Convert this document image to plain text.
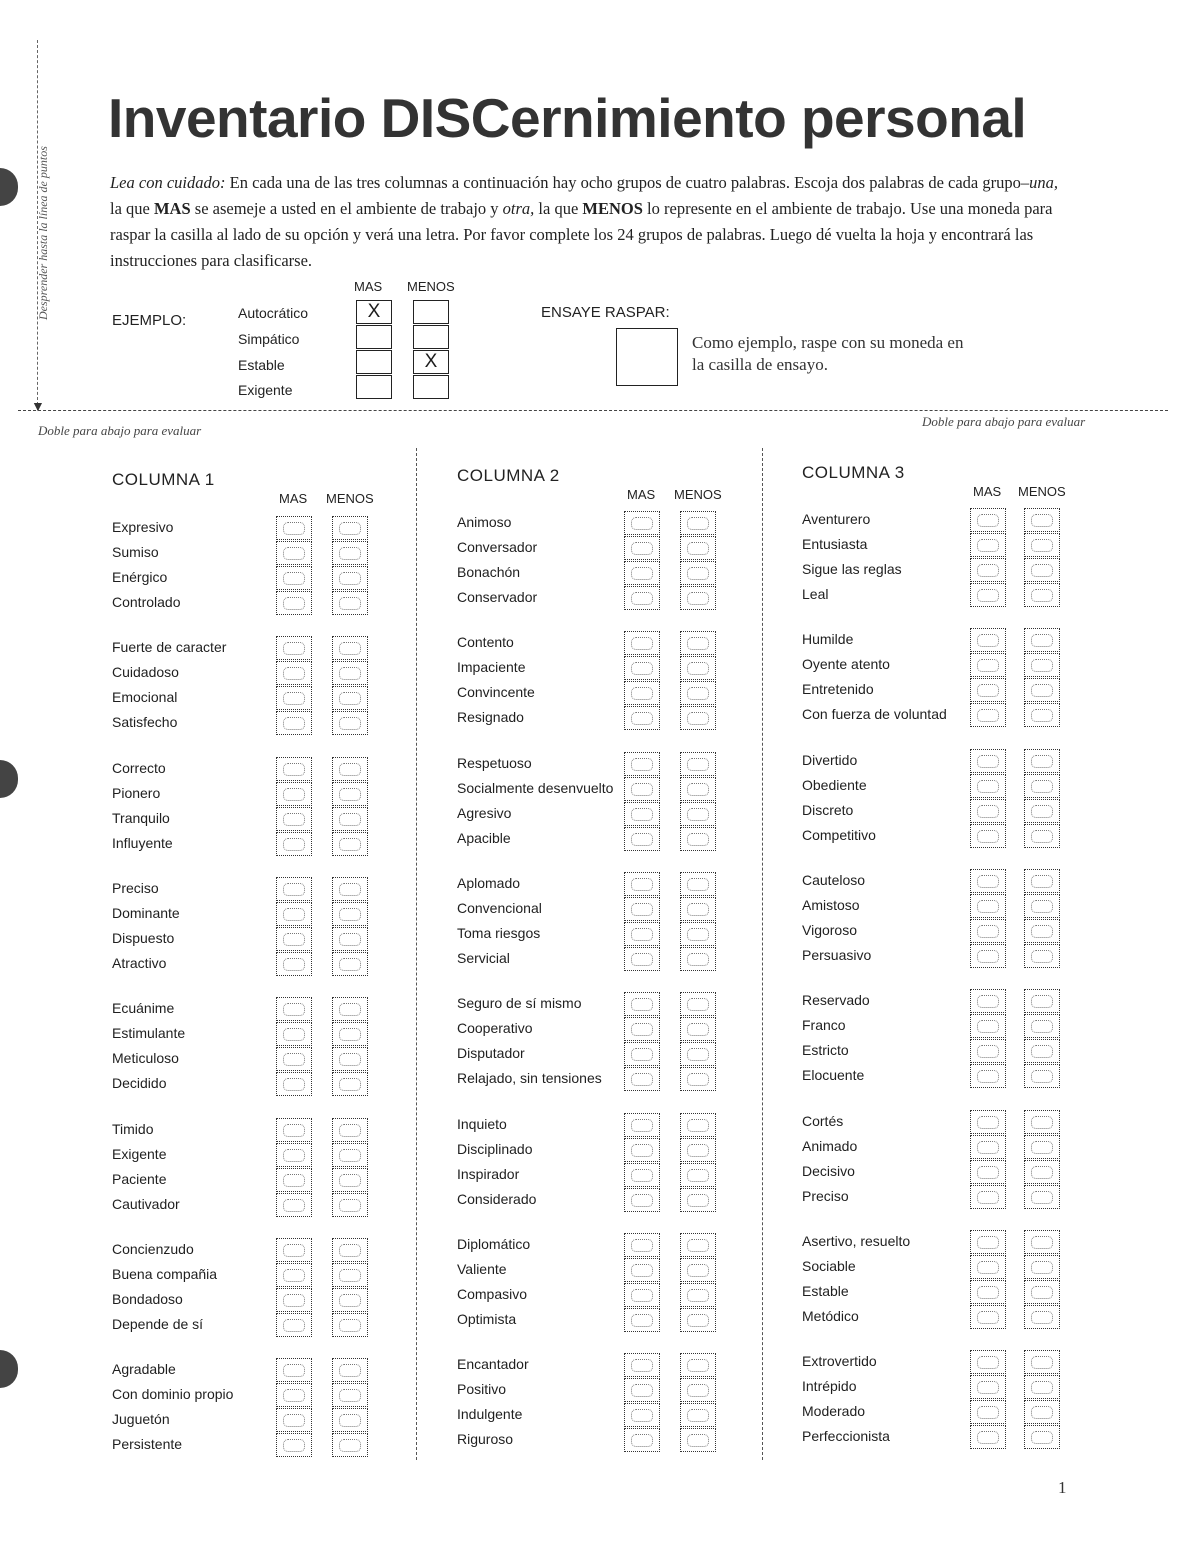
Desprender hasta la línea de puntos
▼
Inventario DISCernimiento personal
Lea con cuidado: En cada una de las tres columnas a continuación hay ocho grupos de cuatro palabras. Escoja dos palabras de cada grupo–una, la que MAS se asemeje a usted en el ambiente de trabajo y otra, la que MENOS lo represente en el ambiente de trabajo. Use una moneda para raspar la casilla al lado de su opción y verá una letra. Por favor complete los 24 grupos de palabras. Luego dé vuelta la hoja y encontrará las instrucciones para clasificarse.
EJEMPLO:
MAS MENOS
Autocrático
Simpático
Estable
Exigente
X
X
ENSAYE RASPAR:
Como ejemplo, raspe con su moneda en la casilla de ensayo.
Doble para abajo para evaluar
Doble para abajo para evaluar
COLUMNA 1
MAS MENOS
Expresivo
Sumiso
Enérgico
Controlado
Fuerte de caracter
Cuidadoso
Emocional
Satisfecho
Correcto
Pionero
Tranquilo
Influyente
Preciso
Dominante
Dispuesto
Atractivo
Ecuánime
Estimulante
Meticuloso
Decidido
Timido
Exigente
Paciente
Cautivador
Concienzudo
Buena compañia
Bondadoso
Depende de sí
Agradable
Con dominio propio
Juguetón
Persistente
COLUMNA 2
MAS MENOS
Animoso
Conversador
Bonachón
Conservador
Contento
Impaciente
Convincente
Resignado
Respetuoso
Socialmente desenvuelto
Agresivo
Apacible
Aplomado
Convencional
Toma riesgos
Servicial
Seguro de sí mismo
Cooperativo
Disputador
Relajado, sin tensiones
Inquieto
Disciplinado
Inspirador
Considerado
Diplomático
Valiente
Compasivo
Optimista
Encantador
Positivo
Indulgente
Riguroso
COLUMNA 3
MAS MENOS
Aventurero
Entusiasta
Sigue las reglas
Leal
Humilde
Oyente atento
Entretenido
Con fuerza de voluntad
Divertido
Obediente
Discreto
Competitivo
Cauteloso
Amistoso
Vigoroso
Persuasivo
Reservado
Franco
Estricto
Elocuente
Cortés
Animado
Decisivo
Preciso
Asertivo, resuelto
Sociable
Estable
Metódico
Extrovertido
Intrépido
Moderado
Perfeccionista
1
